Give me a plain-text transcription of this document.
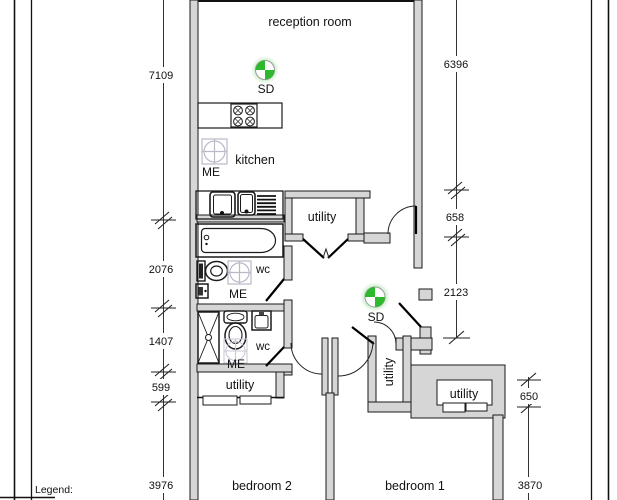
reception room
kitchen
utility
utility
utility
utility
wc
wc
bedroom 2	bedroom 1
SD
SD
ME
ME
ME
7109
2076
1407
599
3976
6396
658
2123
650
3870
Legend:
